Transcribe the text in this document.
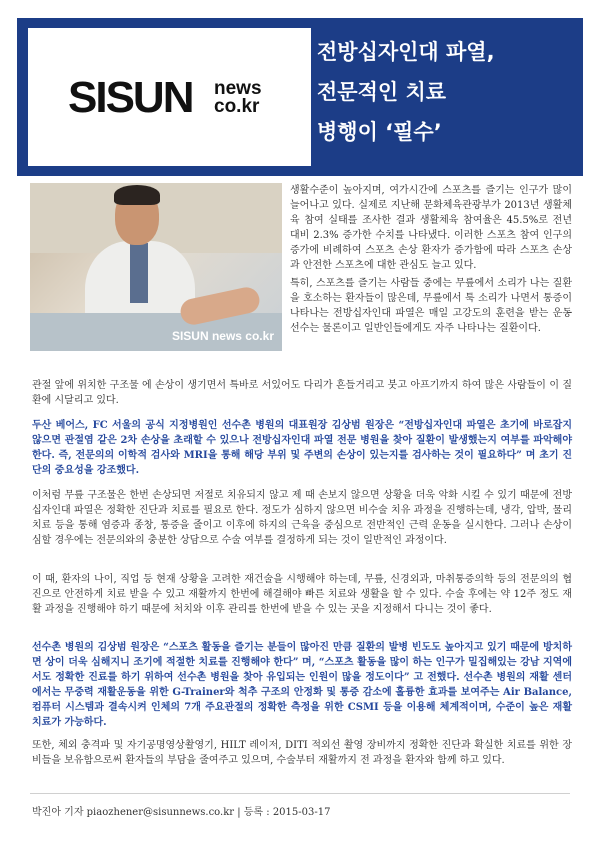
SISUN news
co.kr
전방십자인대 파열,
전문적인 치료
병행이 ‘필수’
SISUN news co.kr

생활수준이 높아지며, 여가시간에 스포츠를 즐기는 인구가 많이 늘어나고 있다. 실제로 지난해 문화체육관광부가 2013년 생활체육 참여 실태를 조사한 결과 생활체육 참여율은 45.5%로 전년 대비 2.3% 증가한 수치를 나타냈다. 이러한 스포츠 참여 인구의 증가에 비례하여 스포츠 손상 환자가 증가함에 따라 스포츠 손상과 안전한 스포츠에 대한 관심도 늘고 있다.

특히, 스포츠를 즐기는 사람들 중에는 무릎에서 소리가 나는 질환을 호소하는 환자들이 많은데, 무릎에서 툭 소리가 나면서 통증이 나타나는 전방십자인대 파열은 매일 고강도의 훈련을 받는 운동선수는 물론이고 일반인들에게도 자주 나타나는 질환이다.

관절 앞에 위치한 구조물 에 손상이 생기면서 특바로 서있어도 다리가 흔들거리고 붓고 아프기까지 하여 많은 사람들이 이 질환에 시달리고 있다.

두산 베어스, FC 서울의 공식 지정병원인 선수촌 병원의 대표원장 김상범 원장은 “전방십자인대 파열은 초기에 바로잡지 않으면 관절염 같은 2차 손상을 초래할 수 있으나 전방십자인대 파열 전문 병원을 찾아 질환이 발생했는지 여부를 파악해야 한다. 즉, 전문의의 이학적 검사와 MRI을 통해 해당 부위 및 주변의 손상이 있는지를 검사하는 것이 필요하다” 며 초기 진단의 중요성을 강조했다.

이처럼 무릎 구조물은 한번 손상되면 저절로 치유되지 않고 제 때 손보지 않으면 상황을 더욱 악화 시킬 수 있기 때문에 전방십자인대 파열은 정확한 진단과 치료를 필요로 한다. 정도가 심하지 않으면 비수술 치유 과정을 진행하는데, 냉각, 압박, 물리치료 등을 통해 염증과 종창, 통증을 줄이고 이후에 하지의 근육을 중심으로 전반적인 근력 운동을 실시한다. 그러나 손상이 심할 경우에는 전문의와의 충분한 상담으로 수술 여부를 결정하게 되는 것이 일반적인 과정이다.

이 때, 환자의 나이, 직업 등 현재 상황을 고려한 재건술을 시행해야 하는데, 무릎, 신경외과, 마취통증의학 등의 전문의의 협진으로 안전하게 치료 받을 수 있고 재활까지 한번에 해결해야 빠른 치료와 생활을 할 수 있다. 수술 후에는 약 12주 정도 재활 과정을 진행해야 하기 때문에 처치와 이후 관리를 한번에 받을 수 있는 곳을 지정해서 다니는 것이 좋다.

선수촌 병원의 김상범 원장은 “스포츠 활동을 즐기는 분들이 많아진 만큼 질환의 발병 빈도도 높아지고 있기 때문에 방치하면 상이 더욱 심해지니 조기에 적절한 치료를 진행해야 한다” 며, “스포츠 활동을 많이 하는 인구가 밀집해있는 강남 지역에서도 정확한 진료를 하기 위하여 선수촌 병원을 찾아 유입되는 인원이 많을 정도이다” 고 전했다. 선수촌 병원의 재활 센터에서는 무중력 재활운동을 위한 G-Trainer와 척추 구조의 안정화 및 통증 감소에 홀륭한 효과를 보여주는 Air Balance, 컴퓨터 시스템과 결속시켜 인체의 7개 주요관절의 정확한 측정을 위한 CSMI 등을 이용해 체계적이며, 수준이 높은 재활 치료가 가능하다.

또한, 체외 충격파 및 자기공명영상촬영기, HILT 레이저, DITI 적외선 촬영 장비까지 정확한 진단과 확실한 치료를 위한 장비들을 보유함으로써 환자들의 부담을 줄여주고 있으며, 수술부터 재활까지 전 과정을 환자와 함께 하고 있다.

박진아 기자 piaozhener@sisunnews.co.kr | 등록 : 2015-03-17
